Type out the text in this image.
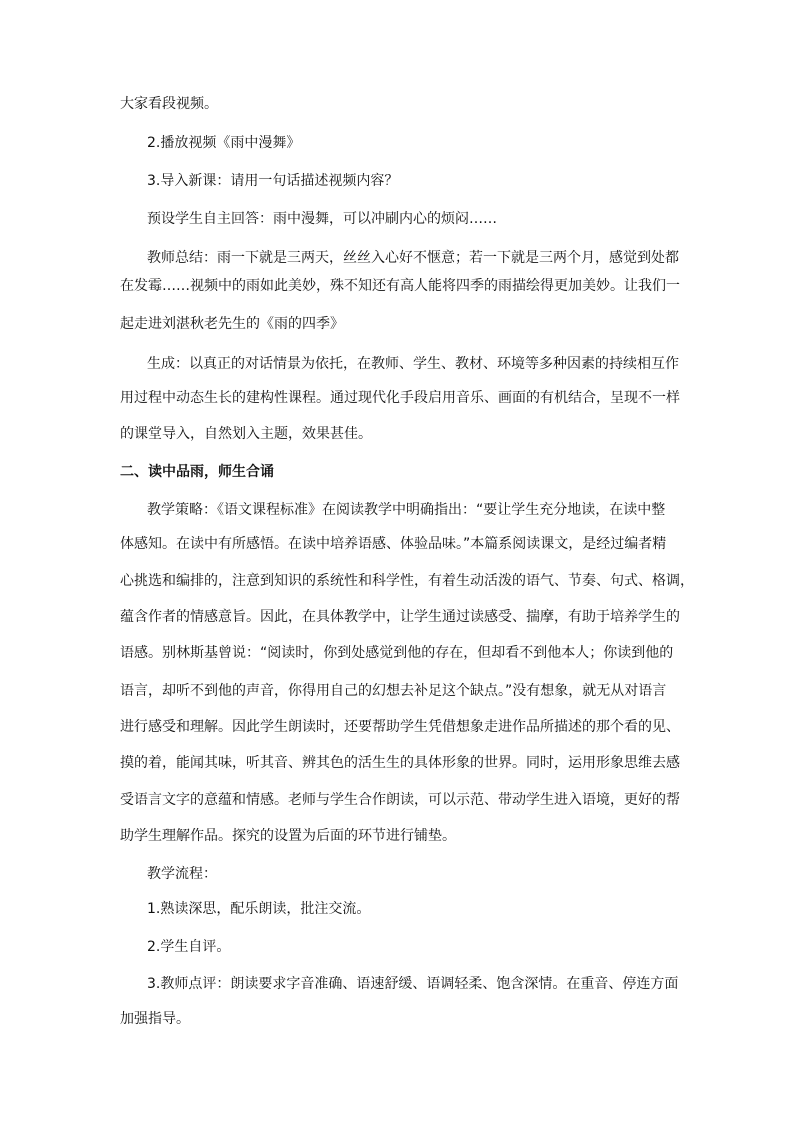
大家看段视频。
2.播放视频《雨中漫舞》
3.导入新课：请用一句话描述视频内容？
预设学生自主回答：雨中漫舞，可以冲刷内心的烦闷……
教师总结：雨一下就是三两天，丝丝入心好不惬意；若一下就是三两个月，感觉到处都
在发霉……视频中的雨如此美妙，殊不知还有高人能将四季的雨描绘得更加美妙。让我们一
起走进刘湛秋老先生的《雨的四季》
生成：以真正的对话情景为依托，在教师、学生、教材、环境等多种因素的持续相互作
用过程中动态生长的建构性课程。通过现代化手段启用音乐、画面的有机结合，呈现不一样
的课堂导入，自然划入主题，效果甚佳。
二、读中品雨，师生合诵
教学策略：《语文课程标准》在阅读教学中明确指出：“要让学生充分地读，在读中整
体感知。在读中有所感悟。在读中培养语感、体验品味。”本篇系阅读课文，是经过编者精
心挑选和编排的，注意到知识的系统性和科学性，有着生动活泼的语气、节奏、句式、格调，
蕴含作者的情感意旨。因此，在具体教学中，让学生通过读感受、揣摩，有助于培养学生的
语感。别林斯基曾说：“阅读时，你到处感觉到他的存在，但却看不到他本人；你读到他的
语言，却听不到他的声音，你得用自己的幻想去补足这个缺点。”没有想象，就无从对语言
进行感受和理解。因此学生朗读时，还要帮助学生凭借想象走进作品所描述的那个看的见、
摸的着，能闻其味，听其音、辨其色的活生生的具体形象的世界。同时，运用形象思维去感
受语言文字的意蕴和情感。老师与学生合作朗读，可以示范、带动学生进入语境，更好的帮
助学生理解作品。探究的设置为后面的环节进行铺垫。
教学流程：
1.熟读深思，配乐朗读，批注交流。
2.学生自评。
3.教师点评：朗读要求字音准确、语速舒缓、语调轻柔、饱含深情。在重音、停连方面
加强指导。
